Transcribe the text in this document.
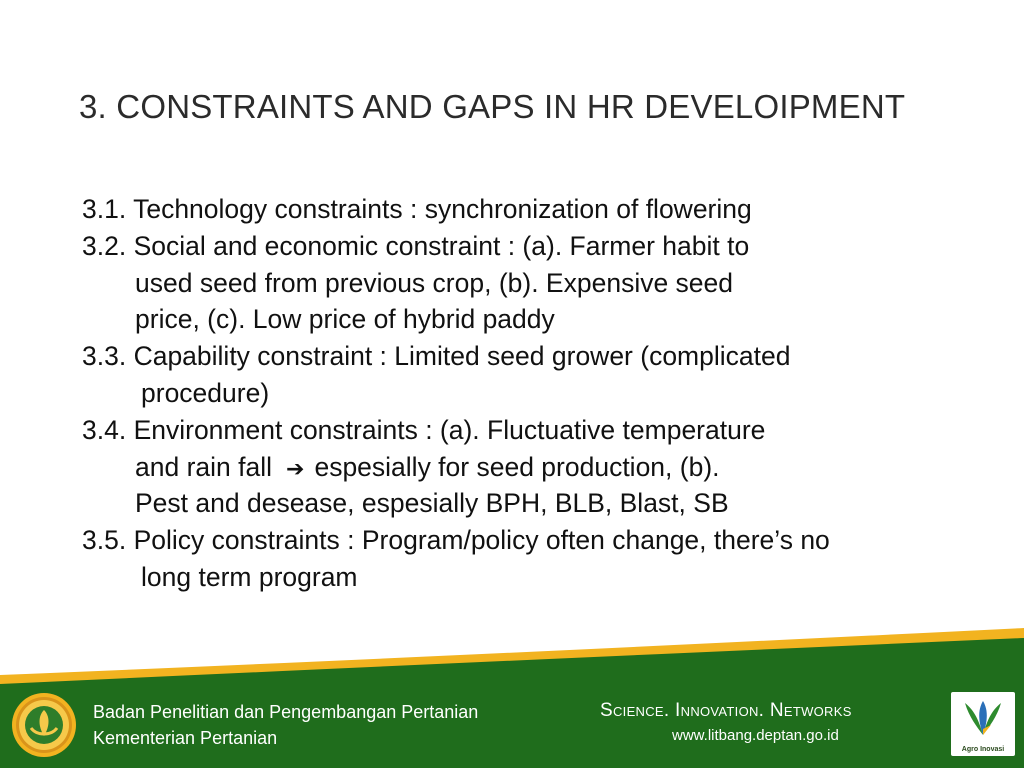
3. CONSTRAINTS AND GAPS IN HR DEVELOIPMENT
3.1. Technology constraints : synchronization of flowering
3.2. Social and economic constraint : (a). Farmer habit to
used seed from previous crop, (b). Expensive seed
price, (c). Low price of hybrid paddy
3.3. Capability constraint : Limited seed grower (complicated
procedure)
3.4. Environment constraints : (a). Fluctuative temperature
and rain fall ➔ espesially for seed production, (b).
Pest and desease, espesially BPH, BLB, Blast, SB
3.5. Policy constraints : Program/policy often change, there’s no
long term program
Badan Penelitian dan Pengembangan Pertanian
Kementerian Pertanian
Science. Innovation. Networks
www.litbang.deptan.go.id
Agro Inovasi
